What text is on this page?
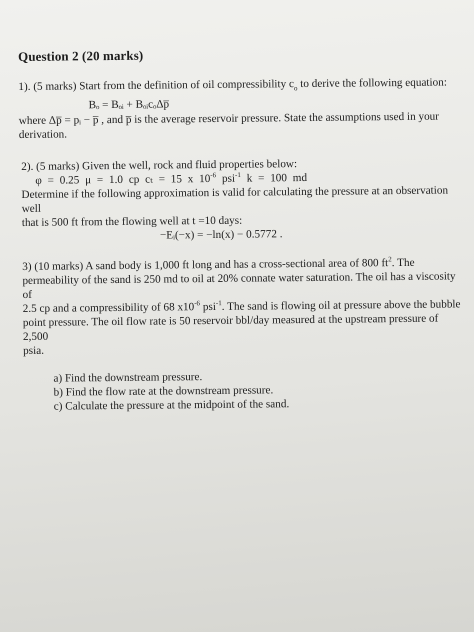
Question 2 (20 marks)
1). (5 marks) Start from the definition of oil compressibility $c_o$ to derive the following equation:
Bₒ = Bₒᵢ + BₒᵢcₒΔp̅
where Δp̅ = pᵢ − p̅ , and p̅ is the average reservoir pressure. State the assumptions used in your
derivation.
2). (5 marks) Given the well, rock and fluid properties below:
φ = 0.25 μ = 1.0 cp cₜ = 15 x $10^{-6}$ psi$^{-1}$ k = 100 md
Determine if the following approximation is valid for calculating the pressure at an observation well
that is 500 ft from the flowing well at t =10 days:
−Eᵢ(−x) = −ln(x) − 0.5772 .
3) (10 marks) A sand body is 1,000 ft long and has a cross-sectional area of 800 $ft^2$. The
permeability of the sand is 250 md to oil at 20% connate water saturation. The oil has a viscosity of
2.5 cp and a compressibility of 68 $x10^{-6}$ psi$^{-1}$. The sand is flowing oil at pressure above the bubble
point pressure. The oil flow rate is 50 reservoir bbl/day measured at the upstream pressure of 2,500
psia.
a) Find the downstream pressure.
b) Find the flow rate at the downstream pressure.
c) Calculate the pressure at the midpoint of the sand.
